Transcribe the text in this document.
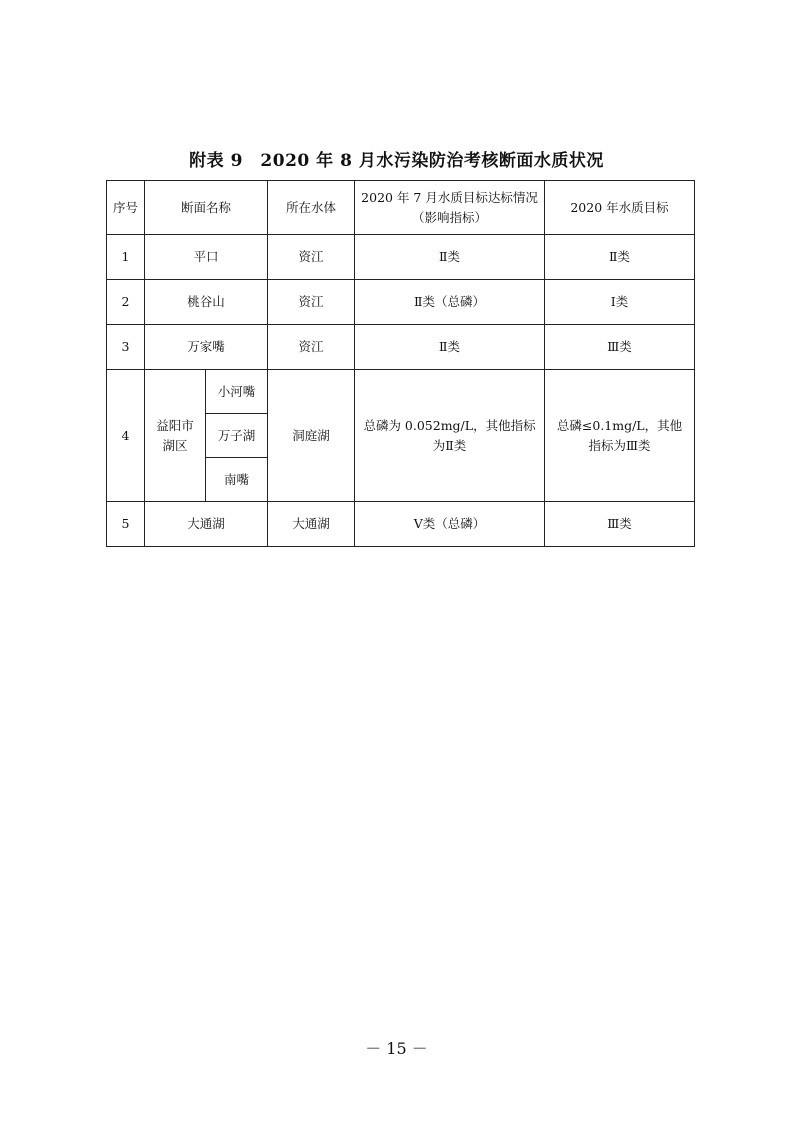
附表 9　2020 年 8 月水污染防治考核断面水质状况
序号	断面名称		所在水体	2020 年 7 月水质目标达标情况（影响指标）	2020 年水质目标
1	平口		资江	Ⅱ类	Ⅱ类
2	桃谷山		资江	Ⅱ类（总磷）	Ⅰ类
3	万家嘴		资江	Ⅱ类	Ⅲ类
4	益阳市湖区	小河嘴	洞庭湖	总磷为 0.052mg/L，其他指标为Ⅱ类	总磷≤0.1mg/L，其他指标为Ⅲ类
		万子湖			
		南嘴			
5	大通湖		大通湖	Ⅴ类（总磷）	Ⅲ类
－ 15 －
